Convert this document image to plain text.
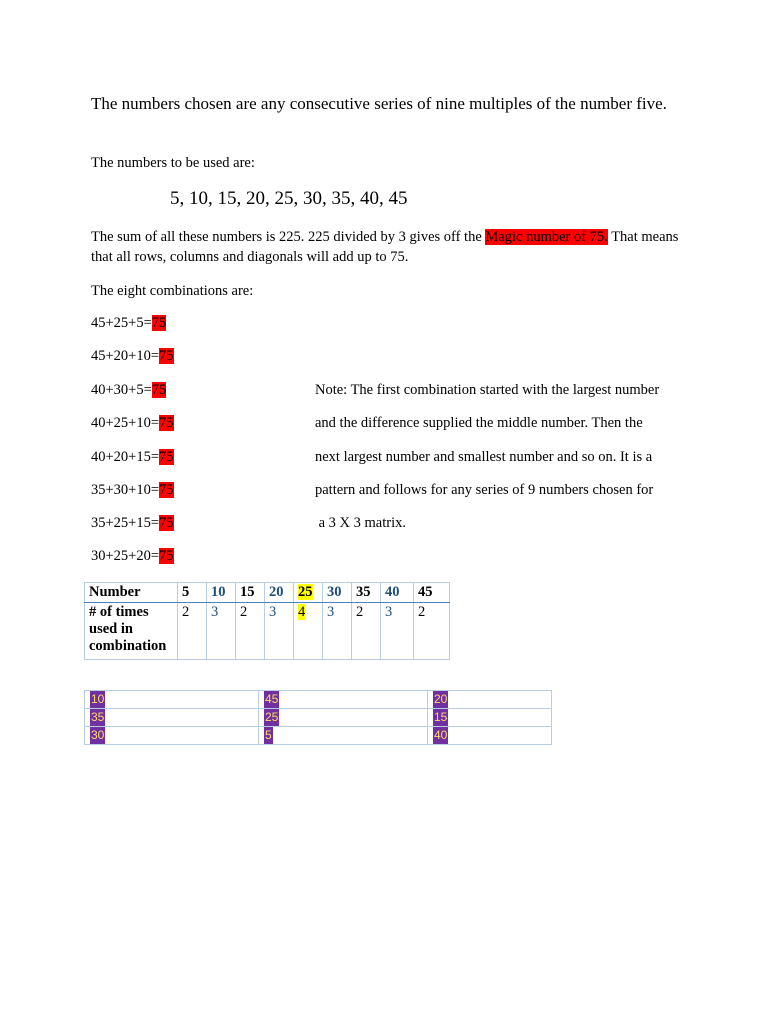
The numbers chosen are any consecutive series of nine multiples of the number five.
The numbers to be used are:
5, 10, 15, 20, 25, 30, 35, 40, 45
The sum of all these numbers is 225. 225 divided by 3 gives off the Magic number of 75. That means that all rows, columns and diagonals will add up to 75.
The eight combinations are:
45+25+5=75
45+20+10=75
40+30+5=75
40+25+10=75
40+20+15=75
35+30+10=75
35+25+15=75
30+25+20=75
Note: The first combination started with the largest number
and the difference supplied the middle number. Then the
next largest number and smallest number and so on. It is a
pattern and follows for any series of 9 numbers chosen for
a 3 X 3 matrix.
Number	5	10	15	20	25	30	35	40	45
# of times used in combination	2	3	2	3	4	3	2	3	2
10	45	20
35	25	15
30	5	40
